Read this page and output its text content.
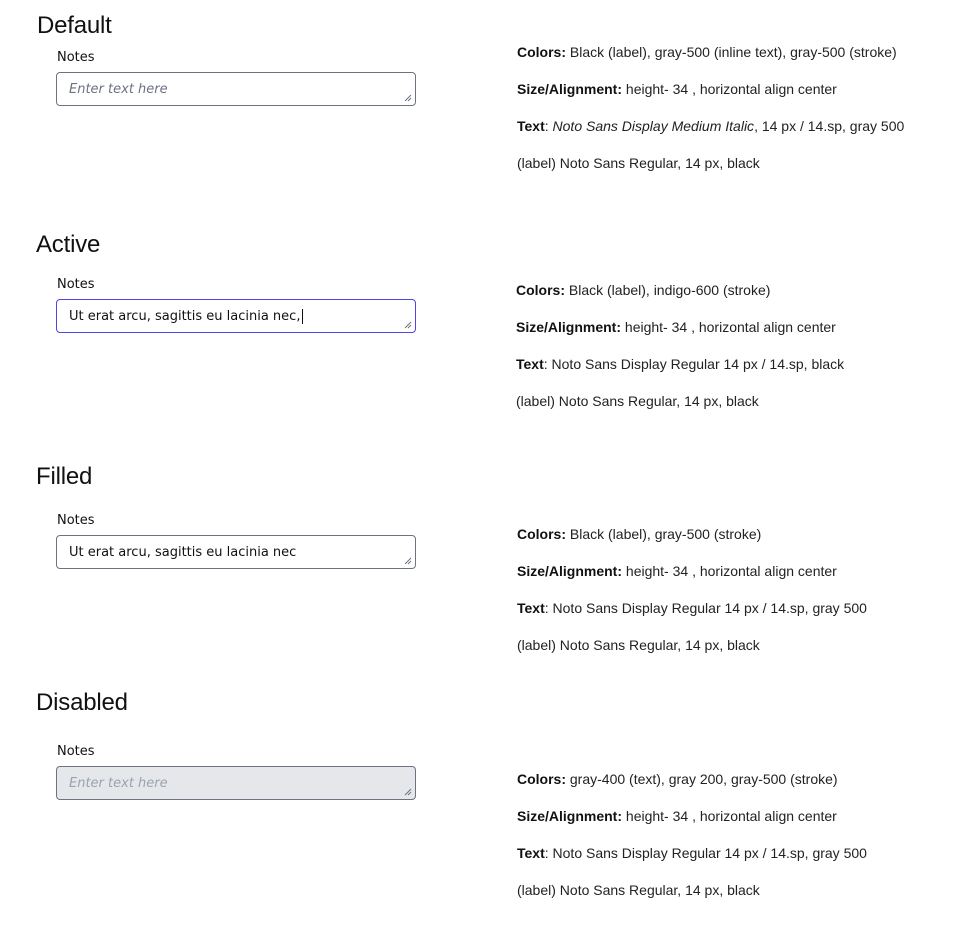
Default
Notes
Enter text here
Colors: Black (label), gray-500 (inline text), gray-500 (stroke)
Size/Alignment: height- 34 , horizontal align center
Text: Noto Sans Display Medium Italic, 14 px / 14.sp, gray 500
(label) Noto Sans Regular, 14 px, black
Active
Notes
Ut erat arcu, sagittis eu lacinia nec,
Colors: Black (label), indigo-600 (stroke)
Size/Alignment: height- 34 , horizontal align center
Text: Noto Sans Display Regular 14 px / 14.sp, black
(label) Noto Sans Regular, 14 px, black
Filled
Notes
Ut erat arcu, sagittis eu lacinia nec
Colors: Black (label), gray-500 (stroke)
Size/Alignment: height- 34 , horizontal align center
Text: Noto Sans Display Regular 14 px / 14.sp, gray 500
(label) Noto Sans Regular, 14 px, black
Disabled
Notes
Enter text here	Colors: gray-400 (text), gray 200, gray-500 (stroke)
Size/Alignment: height- 34 , horizontal align center
Text: Noto Sans Display Regular 14 px / 14.sp, gray 500
(label) Noto Sans Regular, 14 px, black
